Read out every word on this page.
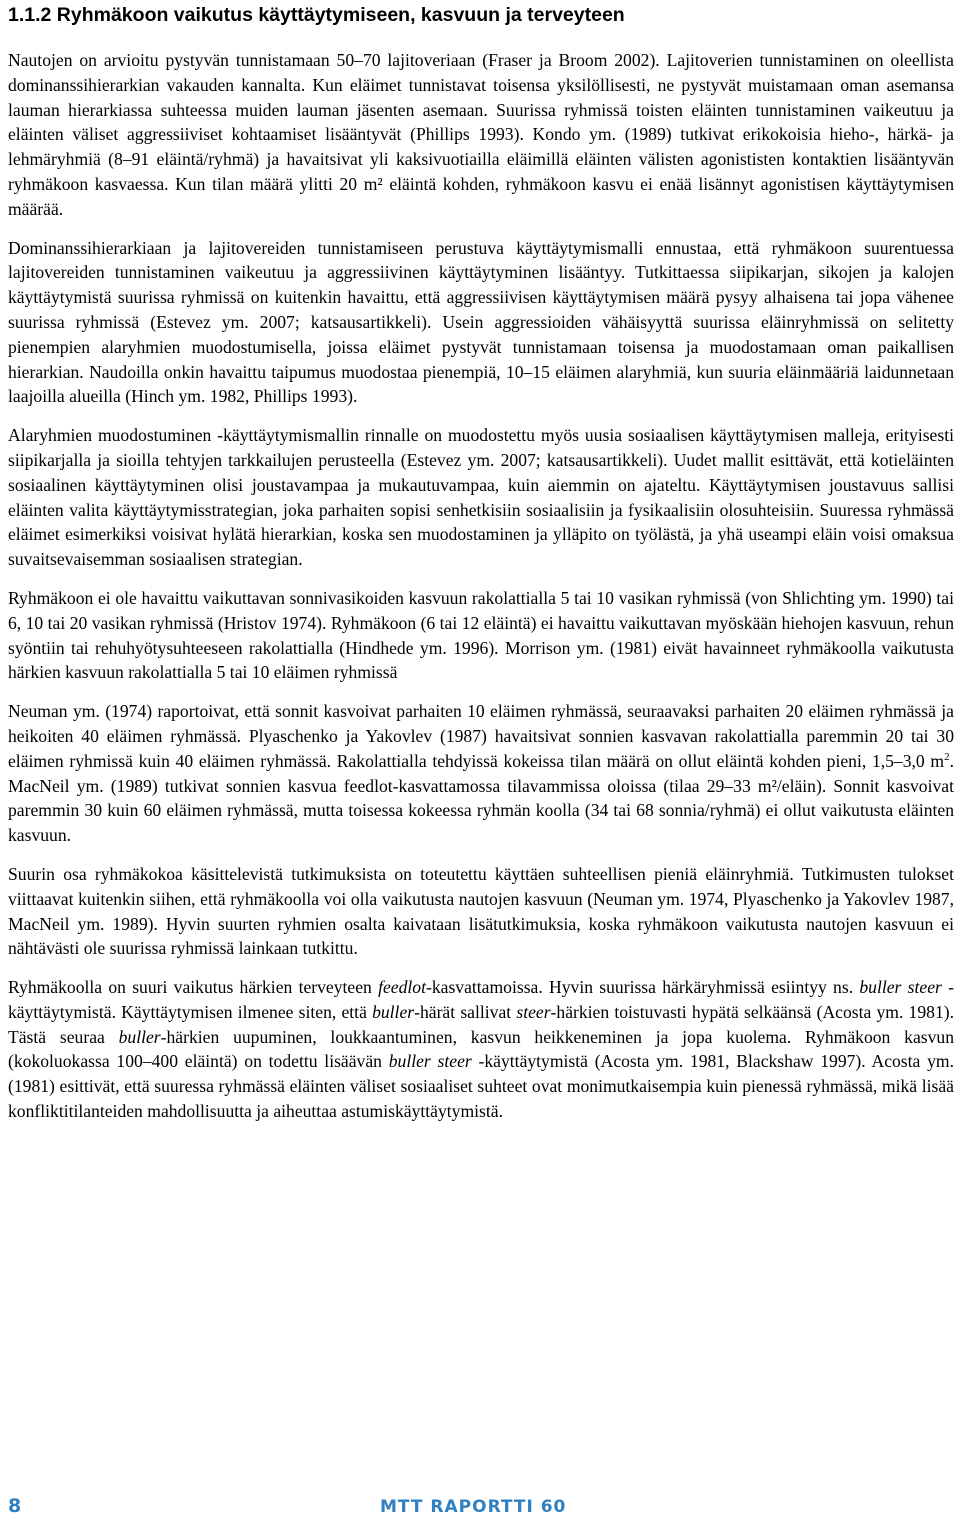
1.1.2 Ryhmäkoon vaikutus käyttäytymiseen, kasvuun ja terveyteen

Nautojen on arvioitu pystyvän tunnistamaan 50–70 lajitoveriaan (Fraser ja Broom 2002). Lajitoverien tunnistaminen on oleellista dominanssihierarkian vakauden kannalta. Kun eläimet tunnistavat toisensa yksilöllisesti, ne pystyvät muistamaan oman asemansa lauman hierarkiassa suhteessa muiden lauman jäsenten asemaan. Suurissa ryhmissä toisten eläinten tunnistaminen vaikeutuu ja eläinten väliset aggressiiviset kohtaamiset lisääntyvät (Phillips 1993). Kondo ym. (1989) tutkivat erikokoisia hieho-, härkä- ja lehmäryhmiä (8–91 eläintä/ryhmä) ja havaitsivat yli kaksivuotiailla eläimillä eläinten välisten agonististen kontaktien lisääntyvän ryhmäkoon kasvaessa. Kun tilan määrä ylitti 20 m² eläintä kohden, ryhmäkoon kasvu ei enää lisännyt agonistisen käyttäytymisen määrää.

Dominanssihierarkiaan ja lajitovereiden tunnistamiseen perustuva käyttäytymismalli ennustaa, että ryhmäkoon suurentuessa lajitovereiden tunnistaminen vaikeutuu ja aggressiivinen käyttäytyminen lisääntyy. Tutkittaessa siipikarjan, sikojen ja kalojen käyttäytymistä suurissa ryhmissä on kuitenkin havaittu, että aggressiivisen käyttäytymisen määrä pysyy alhaisena tai jopa vähenee suurissa ryhmissä (Estevez ym. 2007; katsausartikkeli). Usein aggressioiden vähäisyyttä suurissa eläinryhmissä on selitetty pienempien alaryhmien muodostumisella, joissa eläimet pystyvät tunnistamaan toisensa ja muodostamaan oman paikallisen hierarkian. Naudoilla onkin havaittu taipumus muodostaa pienempiä, 10–15 eläimen alaryhmiä, kun suuria eläinmääriä laidunnetaan laajoilla alueilla (Hinch ym. 1982, Phillips 1993).

Alaryhmien muodostuminen -käyttäytymismallin rinnalle on muodostettu myös uusia sosiaalisen käyttäytymisen malleja, erityisesti siipikarjalla ja sioilla tehtyjen tarkkailujen perusteella (Estevez ym. 2007; katsausartikkeli). Uudet mallit esittävät, että kotieläinten sosiaalinen käyttäytyminen olisi joustavampaa ja mukautuvampaa, kuin aiemmin on ajateltu. Käyttäytymisen joustavuus sallisi eläinten valita käyttäytymisstrategian, joka parhaiten sopisi senhetkisiin sosiaalisiin ja fysikaalisiin olosuhteisiin. Suuressa ryhmässä eläimet esimerkiksi voisivat hylätä hierarkian, koska sen muodostaminen ja ylläpito on työlästä, ja yhä useampi eläin voisi omaksua suvaitsevaisemman sosiaalisen strategian.

Ryhmäkoon ei ole havaittu vaikuttavan sonnivasikoiden kasvuun rakolattialla 5 tai 10 vasikan ryhmissä (von Shlichting ym. 1990) tai 6, 10 tai 20 vasikan ryhmissä (Hristov 1974). Ryhmäkoon (6 tai 12 eläintä) ei havaittu vaikuttavan myöskään hiehojen kasvuun, rehun syöntiin tai rehuhyötysuhteeseen rakolattialla (Hindhede ym. 1996). Morrison ym. (1981) eivät havainneet ryhmäkoolla vaikutusta härkien kasvuun rakolattialla 5 tai 10 eläimen ryhmissä

Neuman ym. (1974) raportoivat, että sonnit kasvoivat parhaiten 10 eläimen ryhmässä, seuraavaksi parhaiten 20 eläimen ryhmässä ja heikoiten 40 eläimen ryhmässä. Plyaschenko ja Yakovlev (1987) havaitsivat sonnien kasvavan rakolattialla paremmin 20 tai 30 eläimen ryhmissä kuin 40 eläimen ryhmässä. Rakolattialla tehdyissä kokeissa tilan määrä on ollut eläintä kohden pieni, 1,5–3,0 $m^2$. MacNeil ym. (1989) tutkivat sonnien kasvua feedlot-kasvattamossa tilavammissa oloissa (tilaa 29–33 m²/eläin). Sonnit kasvoivat paremmin 30 kuin 60 eläimen ryhmässä, mutta toisessa kokeessa ryhmän koolla (34 tai 68 sonnia/ryhmä) ei ollut vaikutusta eläinten kasvuun.

Suurin osa ryhmäkokoa käsittelevistä tutkimuksista on toteutettu käyttäen suhteellisen pieniä eläinryhmiä. Tutkimusten tulokset viittaavat kuitenkin siihen, että ryhmäkoolla voi olla vaikutusta nautojen kasvuun (Neuman ym. 1974, Plyaschenko ja Yakovlev 1987, MacNeil ym. 1989). Hyvin suurten ryhmien osalta kaivataan lisätutkimuksia, koska ryhmäkoon vaikutusta nautojen kasvuun ei nähtävästi ole suurissa ryhmissä lainkaan tutkittu.

Ryhmäkoolla on suuri vaikutus härkien terveyteen feedlot-kasvattamoissa. Hyvin suurissa härkäryhmissä esiintyy ns. buller steer -käyttäytymistä. Käyttäytymisen ilmenee siten, että buller-härät sallivat steer-härkien toistuvasti hypätä selkäänsä (Acosta ym. 1981). Tästä seuraa buller-härkien uupuminen, loukkaantuminen, kasvun heikkeneminen ja jopa kuolema. Ryhmäkoon kasvun (kokoluokassa 100–400 eläintä) on todettu lisäävän buller steer -käyttäytymistä (Acosta ym. 1981, Blackshaw 1997). Acosta ym. (1981) esittivät, että suuressa ryhmässä eläinten väliset sosiaaliset suhteet ovat monimutkaisempia kuin pienessä ryhmässä, mikä lisää konfliktitilanteiden mahdollisuutta ja aiheuttaa astumiskäyttäytymistä.

8	MTT RAPORTTI 60
